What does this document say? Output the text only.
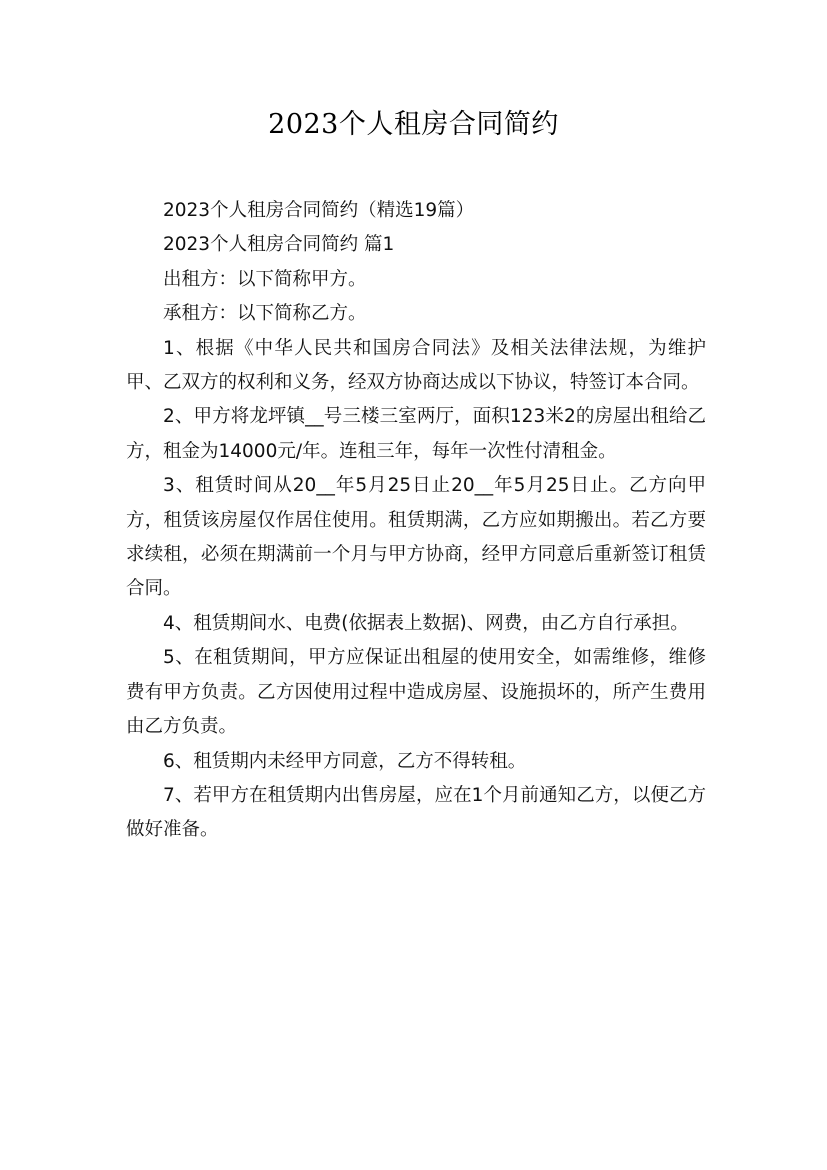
2023个人租房合同简约

2023个人租房合同简约（精选19篇）

2023个人租房合同简约 篇1

出租方：以下简称甲方。

承租方：以下简称乙方。

1、根据《中华人民共和国房合同法》及相关法律法规，为维护甲、乙双方的权利和义务，经双方协商达成以下协议，特签订本合同。

2、甲方将龙坪镇__号三楼三室两厅，面积123米2的房屋出租给乙方，租金为14000元/年。连租三年，每年一次性付清租金。

3、租赁时间从20__年5月25日止20__年5月25日止。乙方向甲方，租赁该房屋仅作居住使用。租赁期满，乙方应如期搬出。若乙方要求续租，必须在期满前一个月与甲方协商，经甲方同意后重新签订租赁合同。

4、租赁期间水、电费(依据表上数据)、网费，由乙方自行承担。

5、在租赁期间，甲方应保证出租屋的使用安全，如需维修，维修费有甲方负责。乙方因使用过程中造成房屋、设施损坏的，所产生费用由乙方负责。

6、租赁期内未经甲方同意，乙方不得转租。

7、若甲方在租赁期内出售房屋，应在1个月前通知乙方，以便乙方做好准备。
